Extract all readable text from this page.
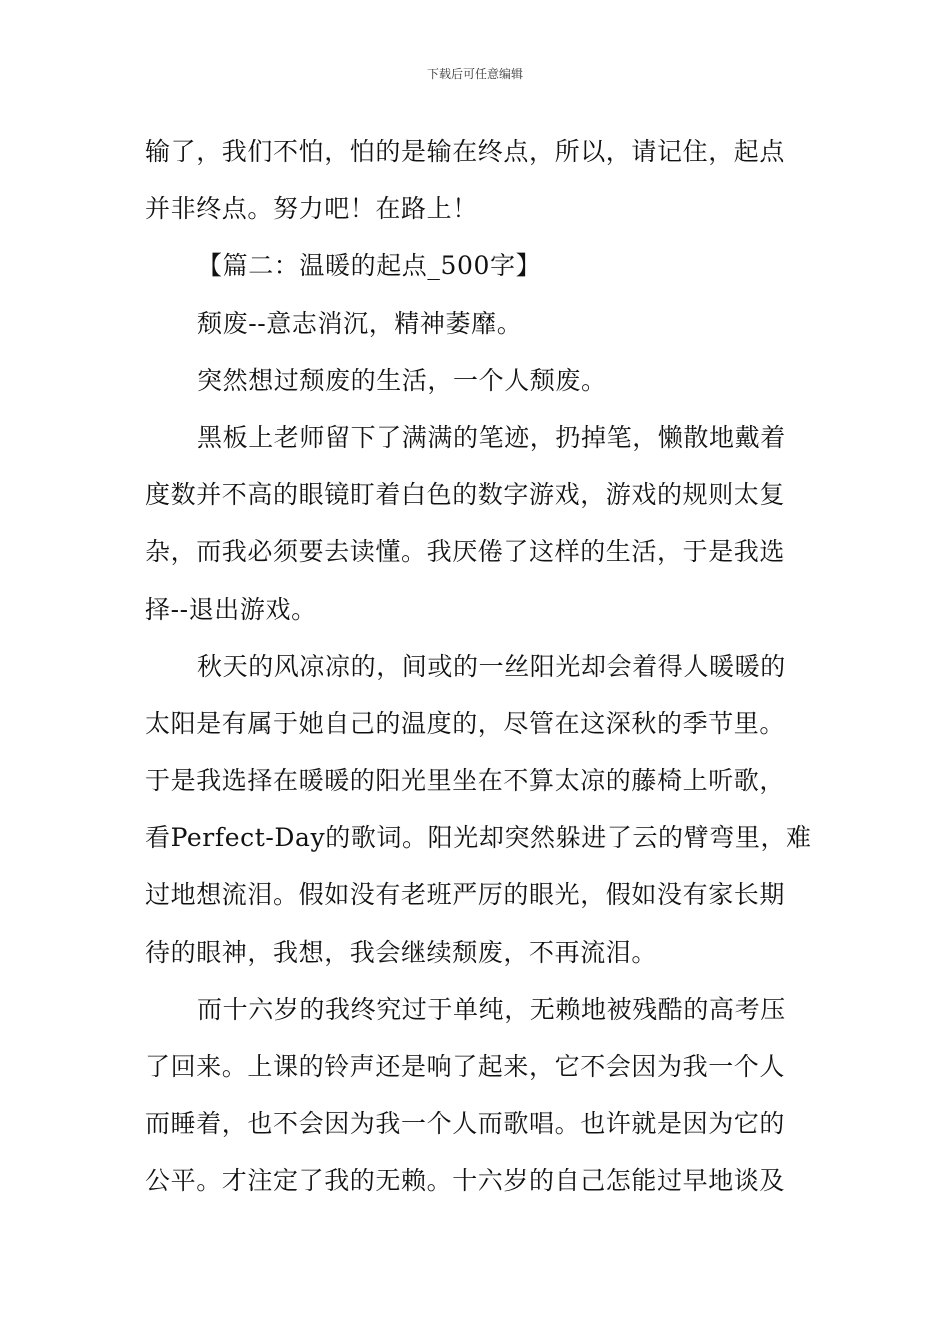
下载后可任意编辑
输了，我们不怕，怕的是输在终点，所以，请记住，起点
并非终点。努力吧！在路上！
【篇二：温暖的起点_500字】
颓废--意志消沉，精神萎靡。
突然想过颓废的生活，一个人颓废。
黑板上老师留下了满满的笔迹，扔掉笔，懒散地戴着
度数并不高的眼镜盯着白色的数字游戏，游戏的规则太复
杂，而我必须要去读懂。我厌倦了这样的生活，于是我选
择--退出游戏。
秋天的风凉凉的，间或的一丝阳光却会着得人暖暖的
太阳是有属于她自己的温度的，尽管在这深秋的季节里。
于是我选择在暖暖的阳光里坐在不算太凉的藤椅上听歌，
看Perfect-Day的歌词。阳光却突然躲进了云的臂弯里，难
过地想流泪。假如没有老班严厉的眼光，假如没有家长期
待的眼神，我想，我会继续颓废，不再流泪。
而十六岁的我终究过于单纯，无赖地被残酷的高考压
了回来。上课的铃声还是响了起来，它不会因为我一个人
而睡着，也不会因为我一个人而歌唱。也许就是因为它的
公平。才注定了我的无赖。十六岁的自己怎能过早地谈及
